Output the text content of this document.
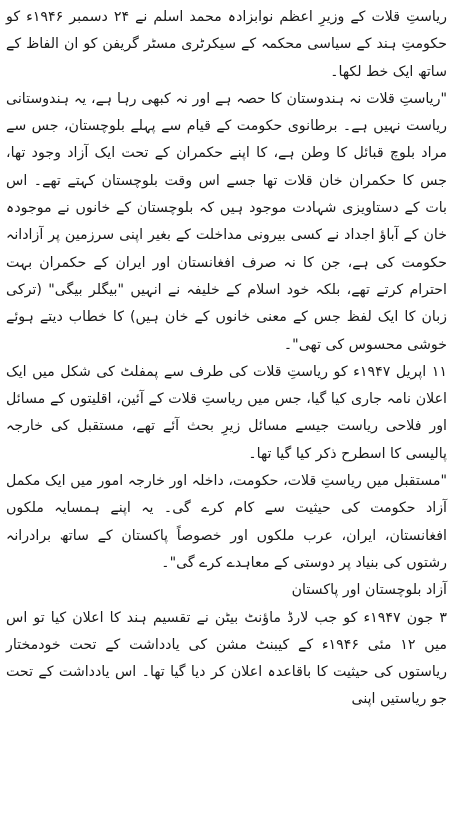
ریاستِ قلات کے وزیرِ اعظم نوابزادہ محمد اسلم نے ۲۴ دسمبر ۱۹۴۶ء کو حکومتِ ہند کے سیاسی محکمہ کے سیکرٹری مسٹر گریفن کو ان الفاظ کے ساتھ ایک خط لکھا۔

"ریاستِ قلات نہ ہندوستان کا حصہ ہے اور نہ کبھی رہا ہے، یہ ہندوستانی ریاست نہیں ہے۔ برطانوی حکومت کے قیام سے پہلے بلوچستان، جس سے مراد بلوچ قبائل کا وطن ہے، کا اپنے حکمران کے تحت ایک آزاد وجود تھا، جس کا حکمران خان قلات تھا جسے اس وقت بلوچستان کہتے تھے۔ اس بات کے دستاویزی شہادت موجود ہیں کہ بلوچستان کے خانوں نے موجودہ خان کے آباؤ اجداد نے کسی بیرونی مداخلت کے بغیر اپنی سرزمین پر آزادانہ حکومت کی ہے، جن کا نہ صرف افغانستان اور ایران کے حکمران بہت احترام کرتے تھے، بلکہ خود اسلام کے خلیفہ نے انہیں "بیگلر بیگی" (ترکی زبان کا ایک لفظ جس کے معنی خانوں کے خان ہیں) کا خطاب دیتے ہوئے خوشی محسوس کی تھی"۔

۱۱ اپریل ۱۹۴۷ء کو ریاستِ قلات کی طرف سے پمفلٹ کی شکل میں ایک اعلان نامہ جاری کیا گیا، جس میں ریاستِ قلات کے آئین، اقلیتوں کے مسائل اور فلاحی ریاست جیسے مسائل زیرِ بحث آئے تھے، مستقبل کی خارجہ پالیسی کا اسطرح ذکر کیا گیا تھا۔

"مستقبل میں ریاستِ قلات، حکومت، داخلہ اور خارجہ امور میں ایک مکمل آزاد حکومت کی حیثیت سے کام کرے گی۔ یہ اپنے ہمسایہ ملکوں افغانستان، ایران، عرب ملکوں اور خصوصاً پاکستان کے ساتھ برادرانہ رشتوں کی بنیاد پر دوستی کے معاہدے کرے گی"۔

آزاد بلوچستان اور پاکستان

۳ جون ۱۹۴۷ء کو جب لارڈ ماؤنٹ بیٹن نے تقسیم ہند کا اعلان کیا تو اس میں ۱۲ مئی ۱۹۴۶ء کے کیبنٹ مشن کی یادداشت کے تحت خودمختار ریاستوں کی حیثیت کا باقاعدہ اعلان کر دیا گیا تھا۔ اس یادداشت کے تحت جو ریاستیں اپنی
